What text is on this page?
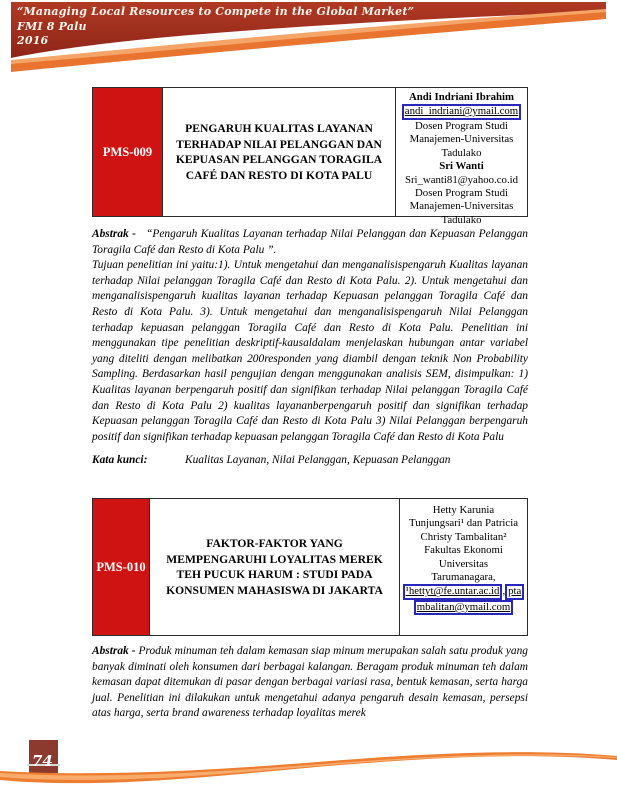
“Managing Local Resources to Compete in the Global Market”
FMI 8 Palu
2016
PMS-009
PENGARUH KUALITAS LAYANAN TERHADAP NILAI PELANGGAN DAN KEPUASAN PELANGGAN TORAGILA CAFÉ DAN RESTO DI KOTA PALU
Andi Indriani Ibrahim
andi_indriani@ymail.com
Dosen Program Studi
Manajemen-Universitas
Tadulako
Sri Wanti
Sri_wanti81@yahoo.co.id
Dosen Program Studi
Manajemen-Universitas
Tadulako
Abstrak - “Pengaruh Kualitas Layanan terhadap Nilai Pelanggan dan Kepuasan Pelanggan Toragila Café dan Resto di Kota Palu ”.
Tujuan penelitian ini yaitu:1). Untuk mengetahui dan menganalisispengaruh Kualitas layanan terhadap Nilai pelanggan Toragila Café dan Resto di Kota Palu. 2). Untuk mengetahui dan menganalisispengaruh kualitas layanan terhadap Kepuasan pelanggan Toragila Café dan Resto di Kota Palu. 3). Untuk mengetahui dan menganalisispengaruh Nilai Pelanggan terhadap kepuasan pelanggan Toragila Café dan Resto di Kota Palu. Penelitian ini menggunakan tipe penelitian deskriptif-kausaldalam menjelaskan hubungan antar variabel yang diteliti dengan melibatkan 200responden yang diambil dengan teknik Non Probability Sampling. Berdasarkan hasil pengujian dengan menggunakan analisis SEM, disimpulkan: 1) Kualitas layanan berpengaruh positif dan signifikan terhadap Nilai pelanggan Toragila Café dan Resto di Kota Palu 2) kualitas layananberpengaruh positif dan signifikan terhadap Kepuasan pelanggan Toragila Café dan Resto di Kota Palu 3) Nilai Pelanggan berpengaruh positif dan signifikan terhadap kepuasan pelanggan Toragila Café dan Resto di Kota Palu
Kata kunci:	Kualitas Layanan, Nilai Pelanggan, Kepuasan Pelanggan
PMS-010
FAKTOR-FAKTOR YANG MEMPENGARUHI LOYALITAS MEREK TEH PUCUK HARUM : STUDI PADA KONSUMEN MAHASISWA DI JAKARTA
Hetty Karunia
Tunjungsari¹ dan Patricia
Christy Tambalitan²
Fakultas Ekonomi
Universitas
Tarumanagara,
¹hettyt@fe.untar.ac.id , pta
mbalitan@ymail.com
Abstrak - Produk minuman teh dalam kemasan siap minum merupakan salah satu produk yang banyak diminati oleh konsumen dari berbagai kalangan. Beragam produk minuman teh dalam kemasan dapat ditemukan di pasar dengan berbagai variasi rasa, bentuk kemasan, serta harga jual. Penelitian ini dilakukan untuk mengetahui adanya pengaruh desain kemasan, persepsi atas harga, serta brand awareness terhadap loyalitas merek
74
